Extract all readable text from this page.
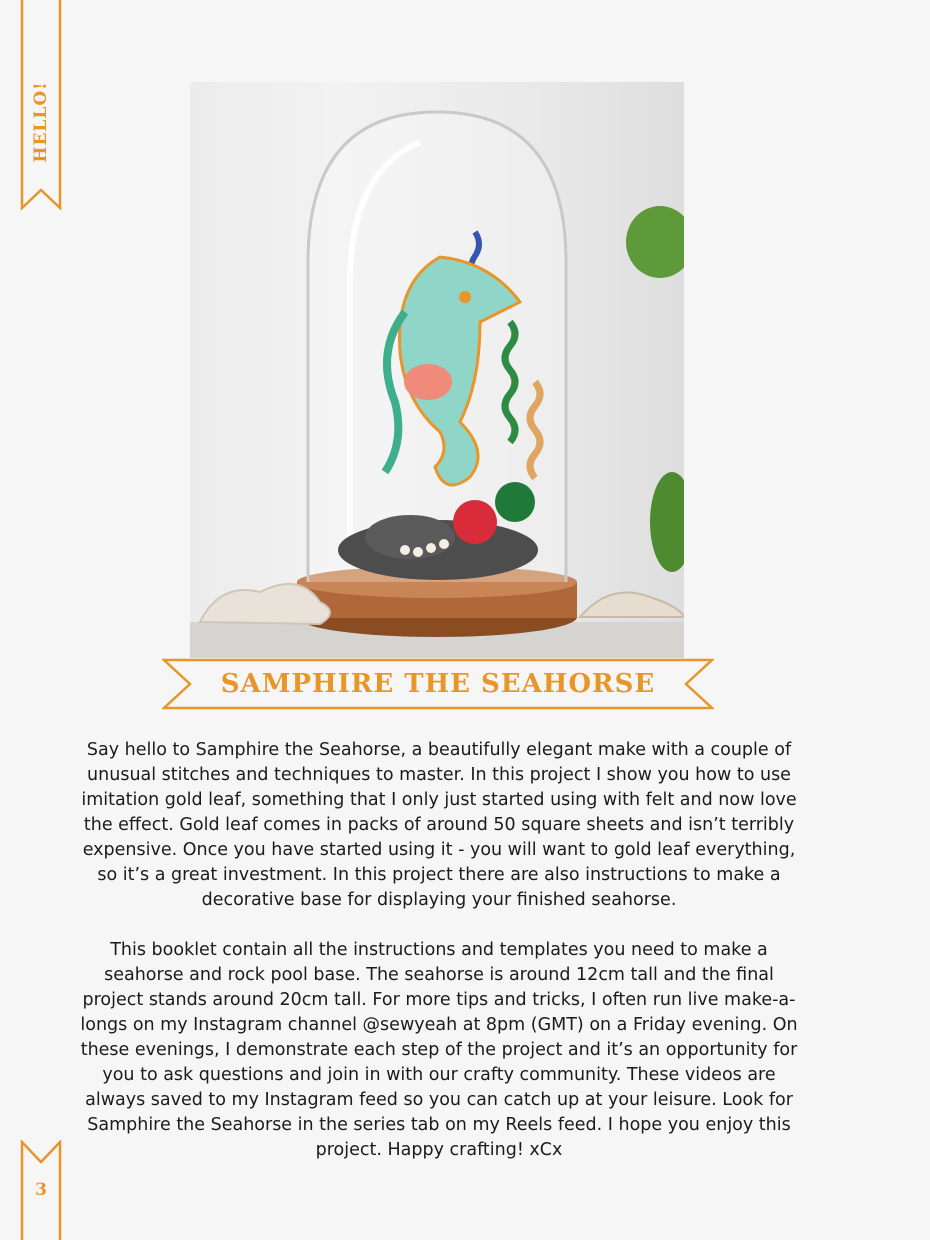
HELLO!
SAMPHIRE THE SEAHORSE

Say hello to Samphire the Seahorse, a beautifully elegant make with a couple of unusual stitches and techniques to master. In this project I show you how to use imitation gold leaf, something that I only just started using with felt and now love the effect. Gold leaf comes in packs of around 50 square sheets and isn’t terribly expensive. Once you have started using it - you will want to gold leaf everything, so it’s a great investment. In this project there are also instructions to make a decorative base for displaying your finished seahorse.

This booklet contain all the instructions and templates you need to make a seahorse and rock pool base. The seahorse is around 12cm tall and the final project stands around 20cm tall. For more tips and tricks, I often run live make-a-longs on my Instagram channel @sewyeah at 8pm (GMT) on a Friday evening. On these evenings, I demonstrate each step of the project and it’s an opportunity for you to ask questions and join in with our crafty community. These videos are always saved to my Instagram feed so you can catch up at your leisure. Look for Samphire the Seahorse in the series tab on my Reels feed. I hope you enjoy this project. Happy crafting! xCx

3
